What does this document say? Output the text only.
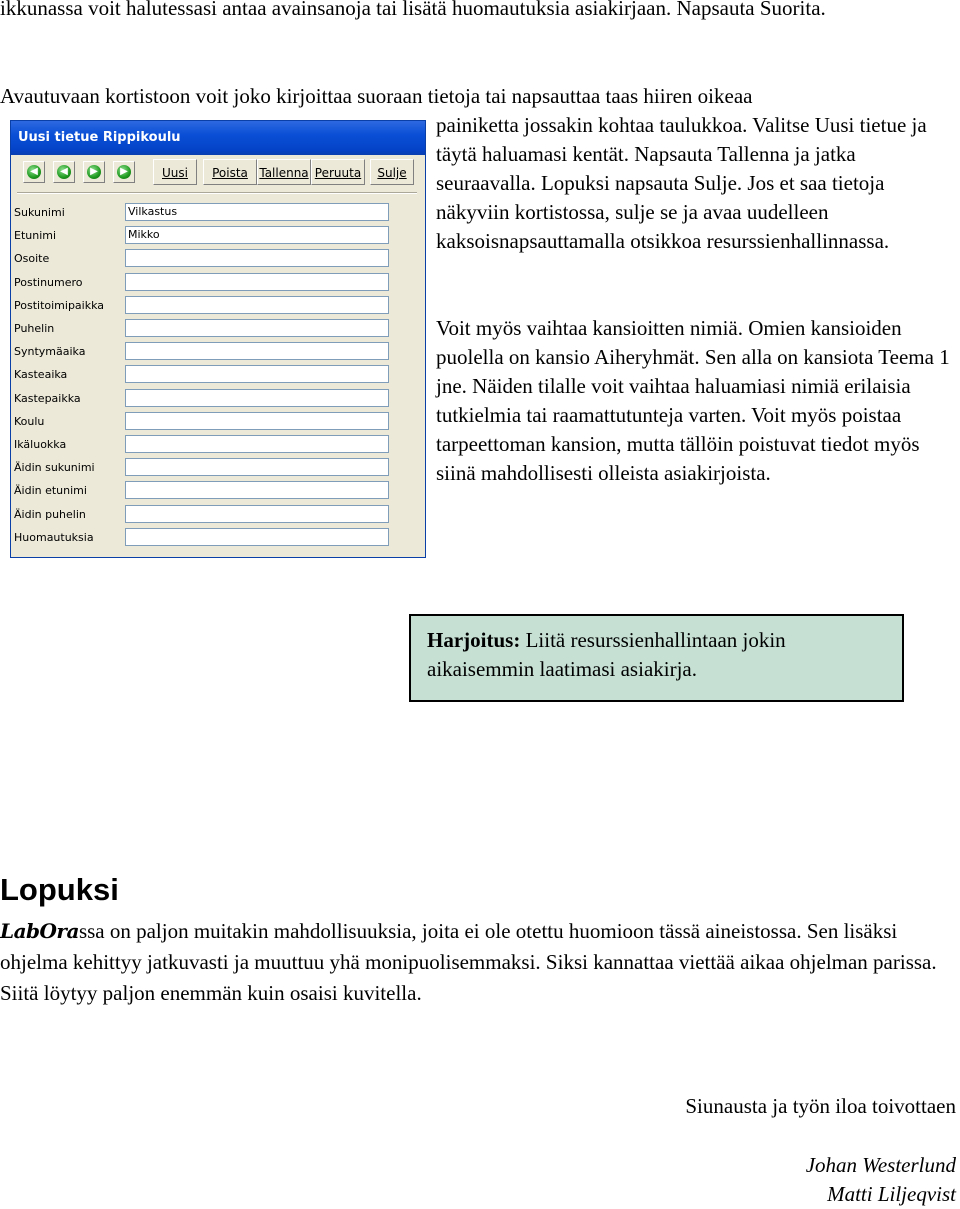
ikkunassa voit halutessasi antaa avainsanoja tai lisätä huomautuksia asiakirjaan. Napsauta Suorita.

Avautuvaan kortistoon voit joko kirjoittaa suoraan tietoja tai napsauttaa taas hiiren oikeaa

painiketta jossakin kohtaa taulukkoa. Valitse Uusi tietue ja täytä haluamasi kentät. Napsauta Tallenna ja jatka seuraavalla. Lopuksi napsauta Sulje. Jos et saa tietoja näkyviin kortistossa, sulje se ja avaa uudelleen kaksoisnapsauttamalla otsikkoa resurssienhallinnassa.

Voit myös vaihtaa kansioitten nimiä. Omien kansioiden puolella on kansio Aiheryhmät. Sen alla on kansiota Teema 1 jne. Näiden tilalle voit vaihtaa haluamiasi nimiä erilaisia tutkielmia tai raamattutunteja varten. Voit myös poistaa tarpeettoman kansion, mutta tällöin poistuvat tiedot myös siinä mahdollisesti olleista asiakirjoista.

Uusi tietue Rippikoulu
◀ ◀ ▶ ▶	Uusi	Poista Tallenna Peruuta	Sulje
Sukunimi	Vilkastus
Etunimi	Mikko
Osoite
Postinumero
Postitoimipaikka
Puhelin
Syntymäaika
Kasteaika
Kastepaikka
Koulu
Ikäluokka
Äidin sukunimi
Äidin etunimi
Äidin puhelin
Huomautuksia
Harjoitus: Liitä resurssienhallintaan jokin aikaisemmin laatimasi asiakirja.
Lopuksi

LabOrassa on paljon muitakin mahdollisuuksia, joita ei ole otettu huomioon tässä aineistossa. Sen lisäksi ohjelma kehittyy jatkuvasti ja muuttuu yhä monipuolisemmaksi. Siksi kannattaa viettää aikaa ohjelman parissa. Siitä löytyy paljon enemmän kuin osaisi kuvitella.

Siunausta ja työn iloa toivottaen

Johan Westerlund

Matti Liljeqvist
